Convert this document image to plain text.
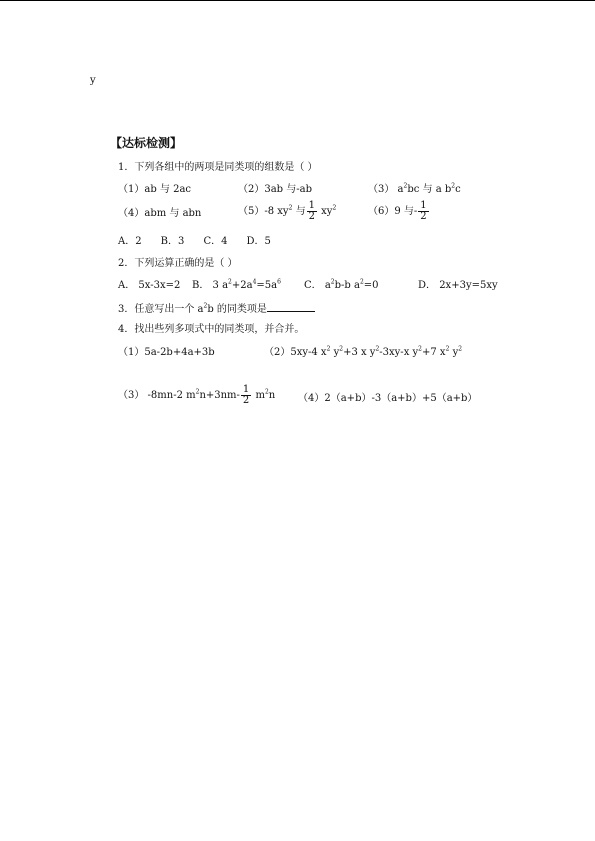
y
【达标检测】
1．下列各组中的两项是同类项的组数是（ ）
（1）ab 与 2ac	（2）3ab 与-ab	（3） $a^2bc$ 与 a $b^2c$
（4）abm 与 abn	（5）-8 $xy^2$ 与 $\frac{1}{2} xy^2$	（6）9 与- $\frac{1}{2}$
A．2      B．3      C．4      D．5
2．下列运算正确的是（ ）
A． 5x-3x=2 B． 3 $a^2+2a^4=5a^6$ C． $a^2b-b$ $a^2=0$	D． 2x+3y=5xy
3．任意写出一个 $a^2b$ 的同类项是
4．找出些列多项式中的同类项，并合并。
（1）5a-2b+4a+3b	（2）5xy-4 $x^2$ $y^2+3$ x $y^2-3xy-x$ $y^2+7$ $x^2$ $y^2$
（3） -8mn-2 $m^2n+3nm- \frac{1}{2} m^2n$ （4）2（a+b）-3（a+b）+5（a+b）
